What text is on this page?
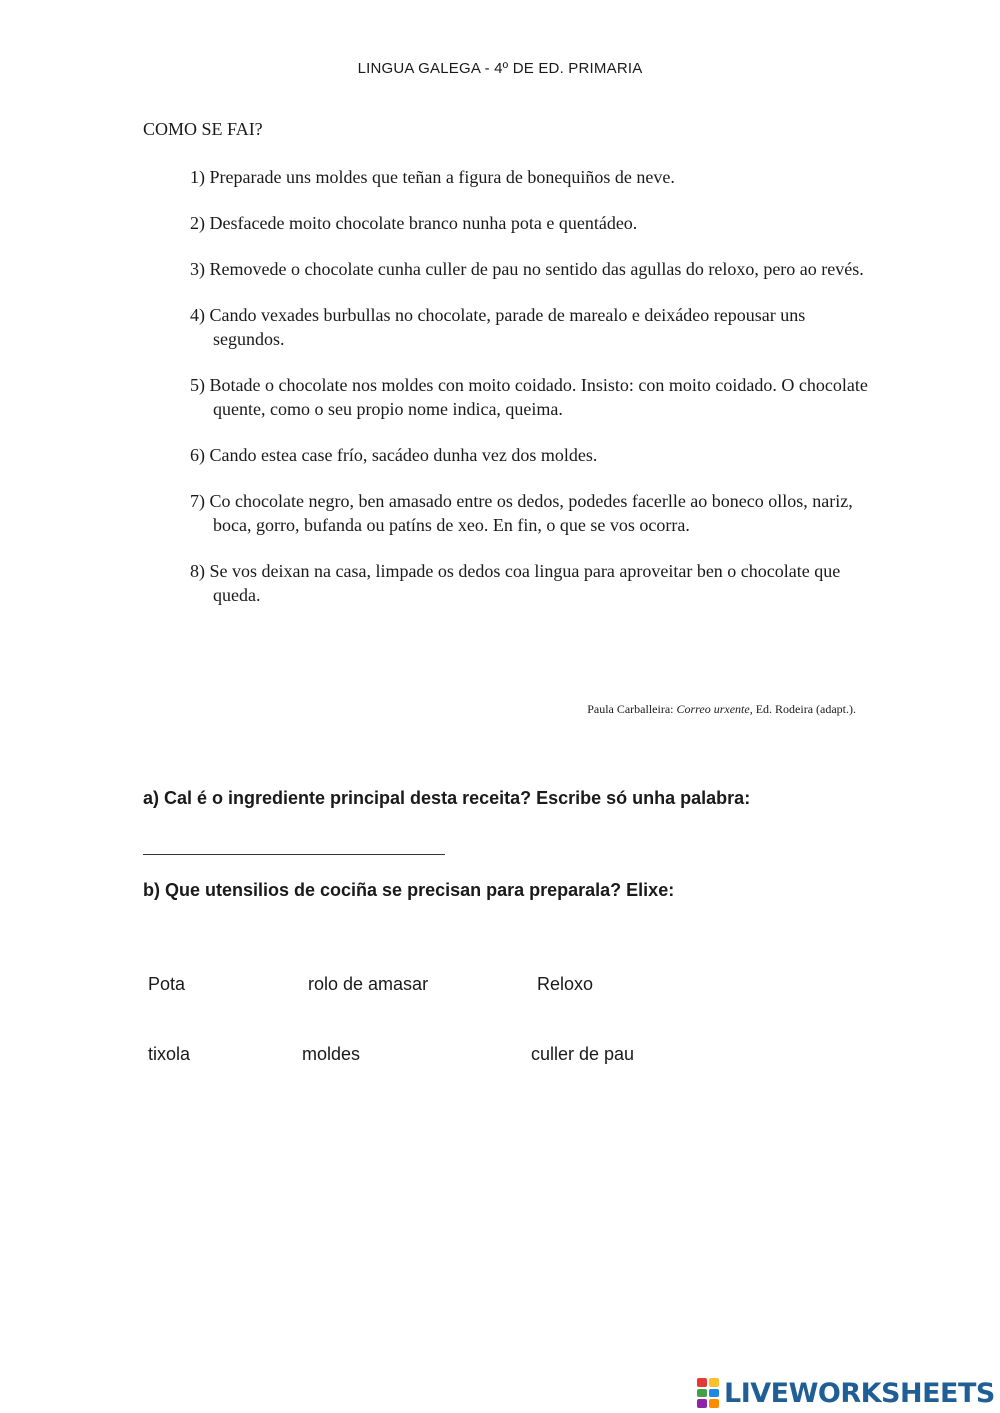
LINGUA GALEGA - 4º DE ED. PRIMARIA
COMO SE FAI?
1) Preparade uns moldes que teñan a figura de bonequiños de neve.
2) Desfacede moito chocolate branco nunha pota e quentádeo.
3) Removede o chocolate cunha culler de pau no sentido das agullas do reloxo, pero ao revés.
4) Cando vexades burbullas no chocolate, parade de marealo e deixádeo repousar uns segundos.
5) Botade o chocolate nos moldes con moito coidado. Insisto: con moito coidado. O chocolate quente, como o seu propio nome indica, queima.
6) Cando estea case frío, sacádeo dunha vez dos moldes.
7) Co chocolate negro, ben amasado entre os dedos, podedes facerlle ao boneco ollos, nariz, boca, gorro, bufanda ou patíns de xeo. En fin, o que se vos ocorra.
8) Se vos deixan na casa, limpade os dedos coa lingua para aproveitar ben o chocolate que queda.
Paula Carballeira: Correo urxente, Ed. Rodeira (adapt.).
a) Cal é o ingrediente principal desta receita? Escribe só unha palabra:
b) Que utensilios de cociña se precisan para preparala? Elixe:
Pota	rolo de amasar	Reloxo
tixola	moldes	culler de pau
LIVEWORKSHEETS
